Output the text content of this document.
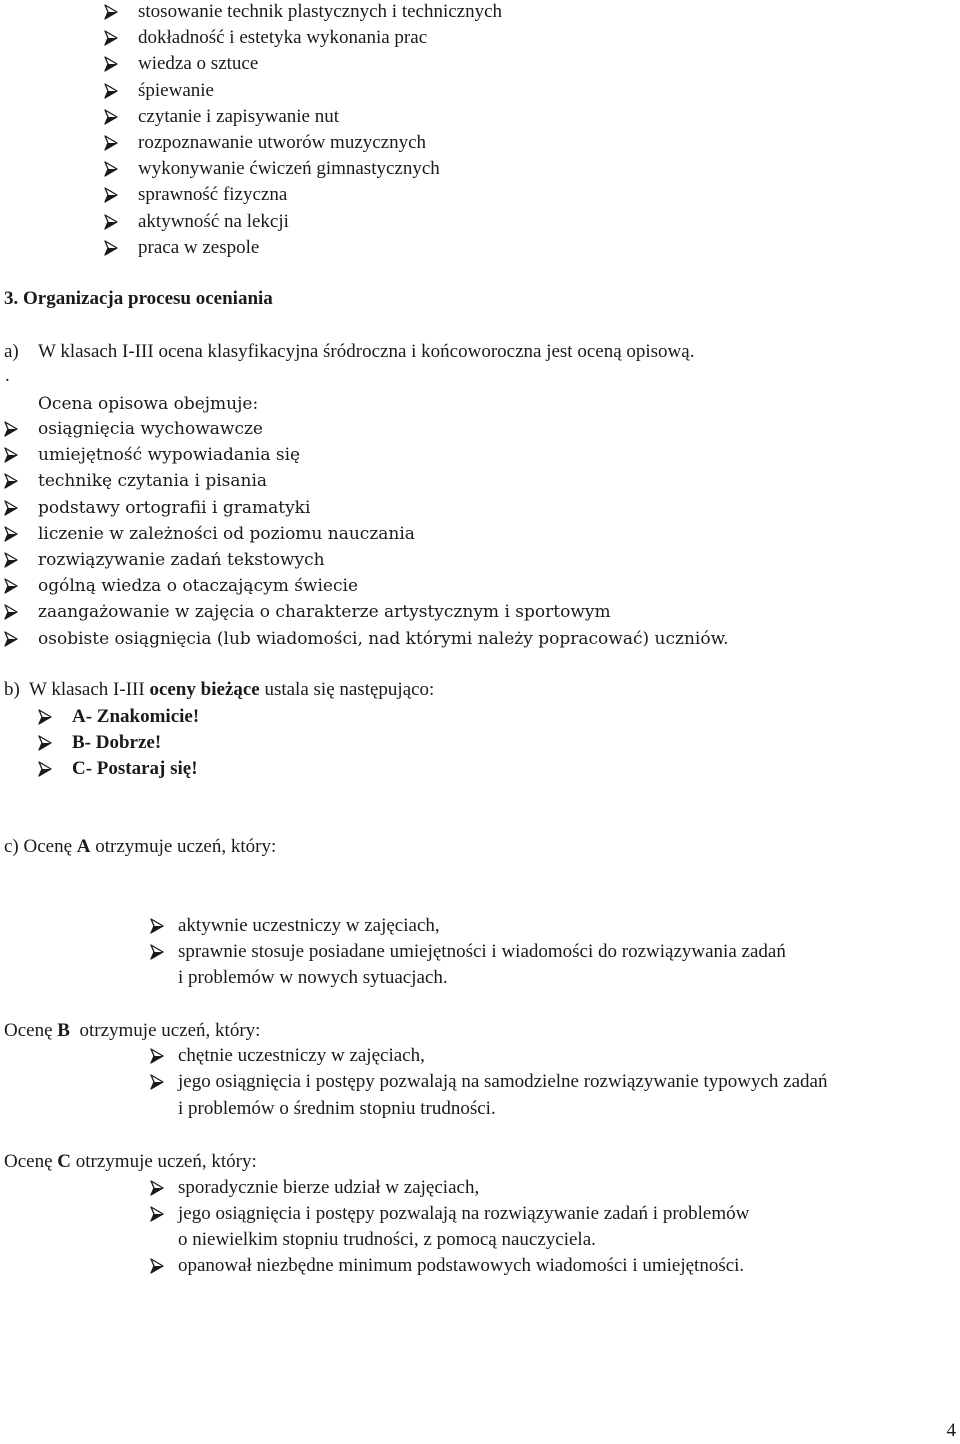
stosowanie technik plastycznych i technicznych
dokładność i estetyka wykonania prac
wiedza o sztuce
śpiewanie
czytanie i zapisywanie nut
rozpoznawanie utworów muzycznych
wykonywanie ćwiczeń gimnastycznych
sprawność fizyczna
aktywność na lekcji
praca w zespole
3. Organizacja procesu oceniania
a) W klasach I-III ocena klasyfikacyjna śródroczna i końcoworoczna jest oceną opisową.
.
Ocena opisowa obejmuje:
osiągnięcia wychowawcze
umiejętność wypowiadania się
technikę czytania i pisania
podstawy ortografii i gramatyki
liczenie w zależności od poziomu nauczania
rozwiązywanie zadań tekstowych
ogólną wiedza o otaczającym świecie
zaangażowanie w zajęcia o charakterze artystycznym i sportowym
osobiste osiągnięcia (lub wiadomości, nad którymi należy popracować) uczniów.
b)  W klasach I-III oceny bieżące ustala się następująco:
A- Znakomicie!
B- Dobrze!
C- Postaraj się!
c) Ocenę A otrzymuje uczeń, który:
aktywnie uczestniczy w zajęciach,
sprawnie stosuje posiadane umiejętności i wiadomości do rozwiązywania zadań
i problemów w nowych sytuacjach.
Ocenę B  otrzymuje uczeń, który:
chętnie uczestniczy w zajęciach,
jego osiągnięcia i postępy pozwalają na samodzielne rozwiązywanie typowych zadań
i problemów o średnim stopniu trudności.
Ocenę C otrzymuje uczeń, który:
sporadycznie bierze udział w zajęciach,
jego osiągnięcia i postępy pozwalają na rozwiązywanie zadań i problemów
o niewielkim stopniu trudności, z pomocą nauczyciela.
opanował niezbędne minimum podstawowych wiadomości i umiejętności.
4
